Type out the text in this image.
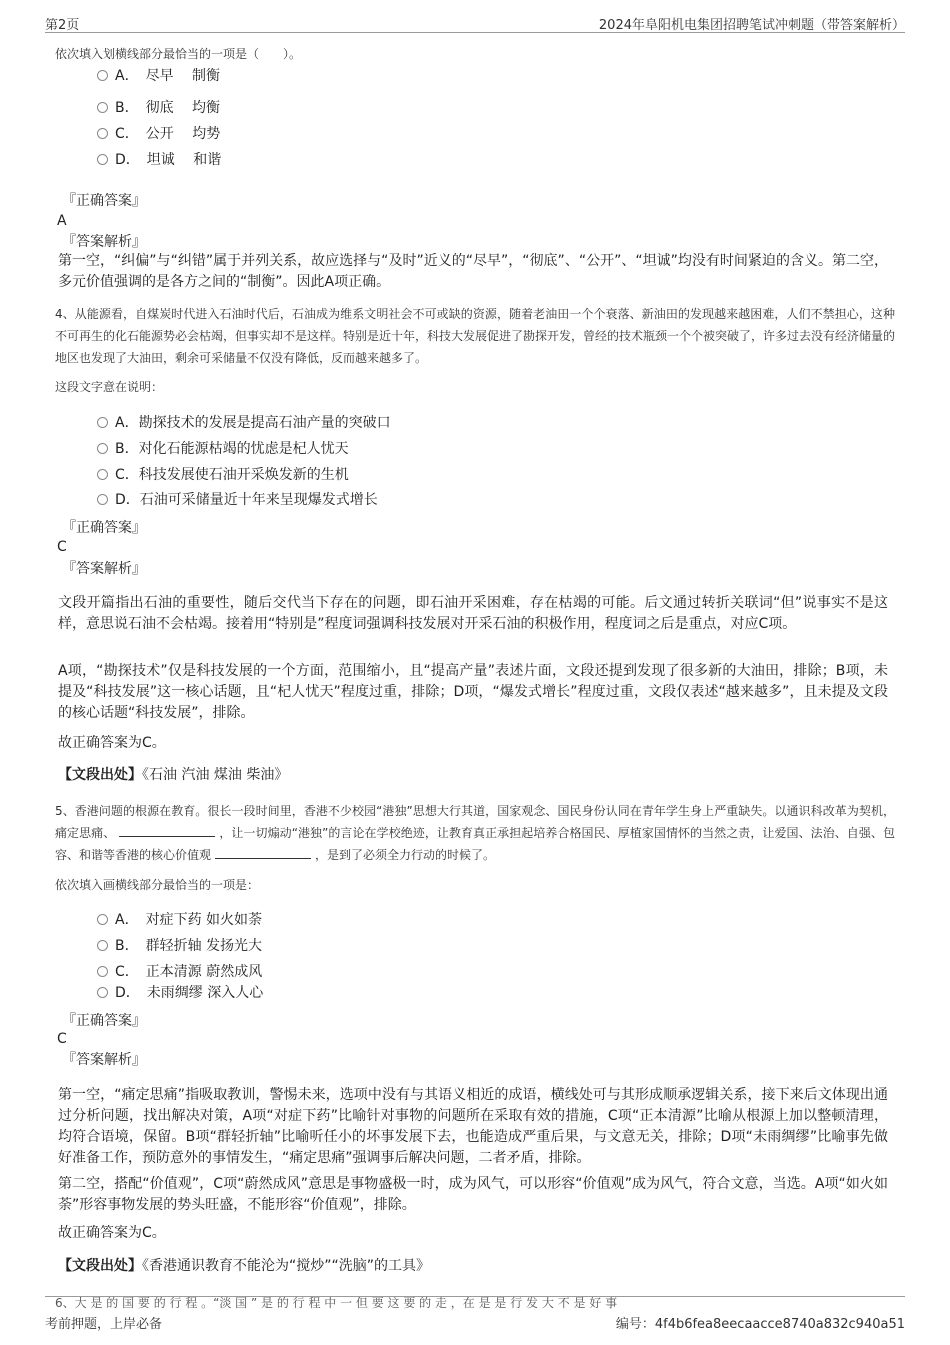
第2页	2024年阜阳机电集团招聘笔试冲刺题（带答案解析）
依次填入划横线部分最恰当的一项是（　　）。
A．　尽早　 制衡
B．　彻底　 均衡
C．　公开　 均势
D．　坦诚　 和谐
『正确答案』
A
『答案解析』
第一空，“纠偏”与“纠错”属于并列关系，故应选择与“及时”近义的“尽早”，“彻底”、“公开”、“坦诚”均没有时间紧迫的含义。第二空，多元价值强调的是各方之间的“制衡”。因此A项正确。
4、从能源看，自煤炭时代进入石油时代后，石油成为维系文明社会不可或缺的资源，随着老油田一个个衰落、新油田的发现越来越困难，人们不禁担心，这种不可再生的化石能源势必会枯竭，但事实却不是这样。特别是近十年，科技大发展促进了勘探开发，曾经的技术瓶颈一个个被突破了，许多过去没有经济储量的地区也发现了大油田，剩余可采储量不仅没有降低，反而越来越多了。
这段文字意在说明：
A．勘探技术的发展是提高石油产量的突破口
B．对化石能源枯竭的忧虑是杞人忧天
C．科技发展使石油开采焕发新的生机
D．石油可采储量近十年来呈现爆发式增长
『正确答案』
C
『答案解析』
文段开篇指出石油的重要性，随后交代当下存在的问题，即石油开采困难，存在枯竭的可能。后文通过转折关联词“但”说事实不是这样，意思说石油不会枯竭。接着用“特别是”程度词强调科技发展对开采石油的积极作用，程度词之后是重点，对应C项。
A项，“勘探技术”仅是科技发展的一个方面，范围缩小，且“提高产量”表述片面，文段还提到发现了很多新的大油田，排除；B项，未提及“科技发展”这一核心话题，且“杞人忧天”程度过重，排除；D项，“爆发式增长”程度过重，文段仅表述“越来越多”，且未提及文段的核心话题“科技发展”，排除。
故正确答案为C。
【文段出处】《石油 汽油 煤油 柴油》
5、香港问题的根源在教育。很长一段时间里，香港不少校园“港独”思想大行其道，国家观念、国民身份认同在青年学生身上严重缺失。以通识科改革为契机，痛定思痛、	，让一切煽动“港独”的言论在学校绝迹，让教育真正承担起培养合格国民、厚植家国情怀的当然之责，让爱国、法治、自强、包容、和谐等香港的核心价值观	，是到了必须全力行动的时候了。
依次填入画横线部分最恰当的一项是：
A．　对症下药 如火如荼
B．　群轻折轴 发扬光大
C．　正本清源 蔚然成风
D．　未雨绸缪 深入人心
『正确答案』
C
『答案解析』
第一空，“痛定思痛”指吸取教训，警惕未来，选项中没有与其语义相近的成语，横线处可与其形成顺承逻辑关系，接下来后文体现出通过分析问题，找出解决对策，A项“对症下药”比喻针对事物的问题所在采取有效的措施，C项“正本清源”比喻从根源上加以整顿清理，均符合语境，保留。B项“群轻折轴”比喻听任小的坏事发展下去，也能造成严重后果，与文意无关，排除；D项“未雨绸缪”比喻事先做好准备工作，预防意外的事情发生，“痛定思痛”强调事后解决问题，二者矛盾，排除。
第二空，搭配“价值观”，C项“蔚然成风”意思是事物盛极一时，成为风气，可以形容“价值观”成为风气，符合文意，当选。A项“如火如荼”形容事物发展的势头旺盛，不能形容“价值观”，排除。
故正确答案为C。
【文段出处】《香港通识教育不能沦为“搅炒”“洗脑”的工具》
6、大 是 的 国 要 的 行 程 。“淡 国 ” 是 的 行 程 中 一 但 要 这 要 的 走 ，在 是 是 行 发 大 不 是 好 事
考前押题，上岸必备	编号：4f4b6fea8eecaacce8740a832c940a51
